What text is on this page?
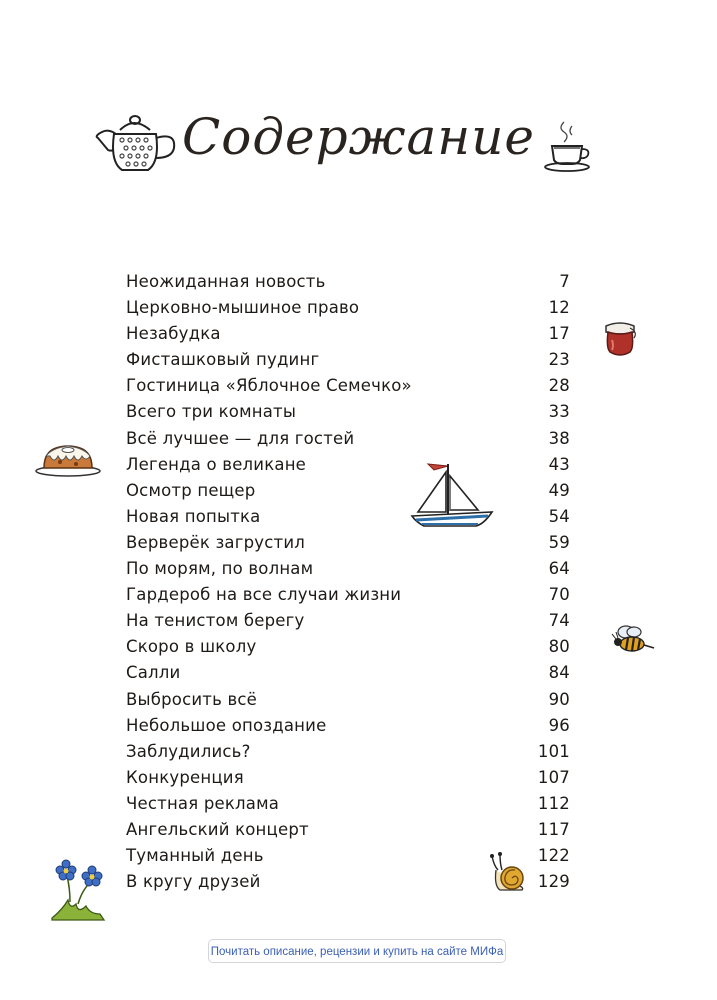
Содержание
Неожиданная новость	7
Церковно-мышиное право	12
Незабудка	17
Фисташковый пудинг	23
Гостиница «Яблочное Семечко»	28
Всего три комнаты	33
Всё лучшее — для гостей	38
Легенда о великане	43
Осмотр пещер	49
Новая попытка	54
Верверёк загрустил	59
По морям, по волнам	64
Гардероб на все случаи жизни	70
На тенистом берегу	74
Скоро в школу	80
Салли	84
Выбросить всё	90
Небольшое опоздание	96
Заблудились?	101
Конкуренция	107
Честная реклама	112
Ангельский концерт	117
Туманный день	122
В кругу друзей	129
Почитать описание, рецензии и купить на сайте МИФа
